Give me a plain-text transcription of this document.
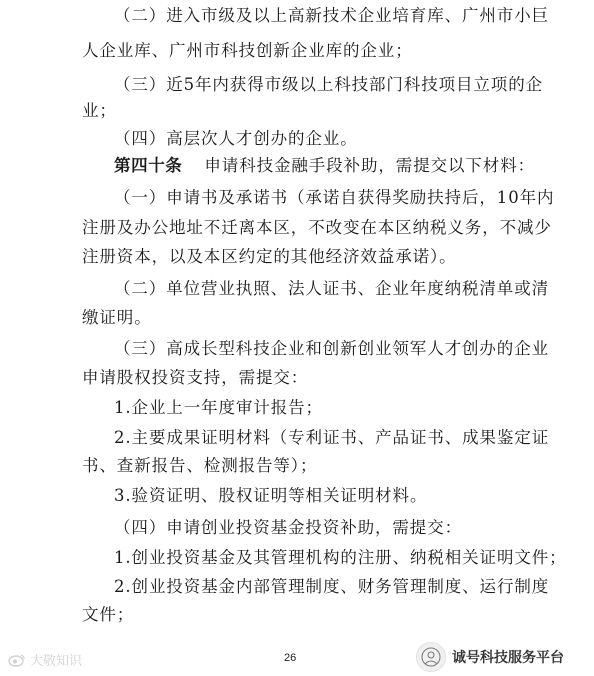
（二）进入市级及以上高新技术企业培育库、广州市小巨
人企业库、广州市科技创新企业库的企业；
（三）近5年内获得市级以上科技部门科技项目立项的企
业；
（四）高层次人才创办的企业。
第四十条 申请科技金融手段补助，需提交以下材料：
（一）申请书及承诺书（承诺自获得奖励扶持后，10年内
注册及办公地址不迁离本区，不改变在本区纳税义务，不减少
注册资本，以及本区约定的其他经济效益承诺）。
（二）单位营业执照、法人证书、企业年度纳税清单或清
缴证明。
（三）高成长型科技企业和创新创业领军人才创办的企业
申请股权投资支持，需提交：
1.企业上一年度审计报告；
2.主要成果证明材料（专利证书、产品证书、成果鉴定证
书、查新报告、检测报告等）；
3.验资证明、股权证明等相关证明材料。
（四）申请创业投资基金投资补助，需提交：
1.创业投资基金及其管理机构的注册、纳税相关证明文件；
2.创业投资基金内部管理制度、财务管理制度、运行制度
文件；
26
大敬知识	诚号科技服务平台
